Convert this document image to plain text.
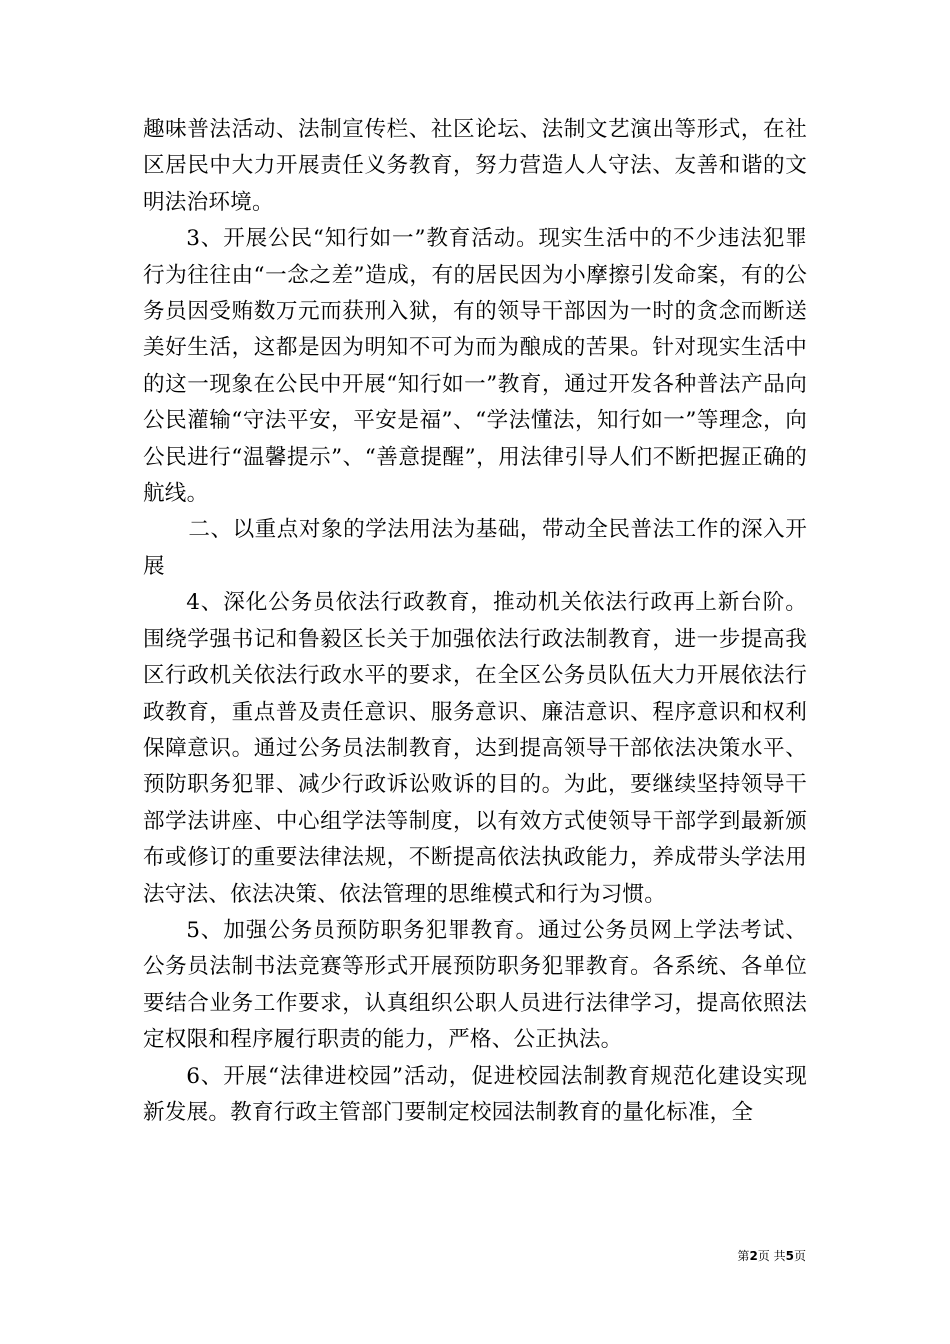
趣味普法活动、法制宣传栏、社区论坛、法制文艺演出等形式，在社区居民中大力开展责任义务教育，努力营造人人守法、友善和谐的文明法治环境。

3、开展公民“知行如一”教育活动。现实生活中的不少违法犯罪行为往往由“一念之差”造成，有的居民因为小摩擦引发命案，有的公务员因受贿数万元而获刑入狱，有的领导干部因为一时的贪念而断送美好生活，这都是因为明知不可为而为酿成的苦果。针对现实生活中的这一现象在公民中开展“知行如一”教育，通过开发各种普法产品向公民灌输“守法平安，平安是福”、“学法懂法，知行如一”等理念，向公民进行“温馨提示”、“善意提醒”，用法律引导人们不断把握正确的航线。

二、以重点对象的学法用法为基础，带动全民普法工作的深入开展

4、深化公务员依法行政教育，推动机关依法行政再上新台阶。围绕学强书记和鲁毅区长关于加强依法行政法制教育，进一步提高我区行政机关依法行政水平的要求，在全区公务员队伍大力开展依法行政教育，重点普及责任意识、服务意识、廉洁意识、程序意识和权利保障意识。通过公务员法制教育，达到提高领导干部依法决策水平、预防职务犯罪、减少行政诉讼败诉的目的。为此，要继续坚持领导干部学法讲座、中心组学法等制度，以有效方式使领导干部学到最新颁布或修订的重要法律法规，不断提高依法执政能力，养成带头学法用法守法、依法决策、依法管理的思维模式和行为习惯。

5、加强公务员预防职务犯罪教育。通过公务员网上学法考试、公务员法制书法竞赛等形式开展预防职务犯罪教育。各系统、各单位要结合业务工作要求，认真组织公职人员进行法律学习，提高依照法定权限和程序履行职责的能力，严格、公正执法。

6、开展“法律进校园”活动，促进校园法制教育规范化建设实现新发展。教育行政主管部门要制定校园法制教育的量化标准，全

第2页 共5页
